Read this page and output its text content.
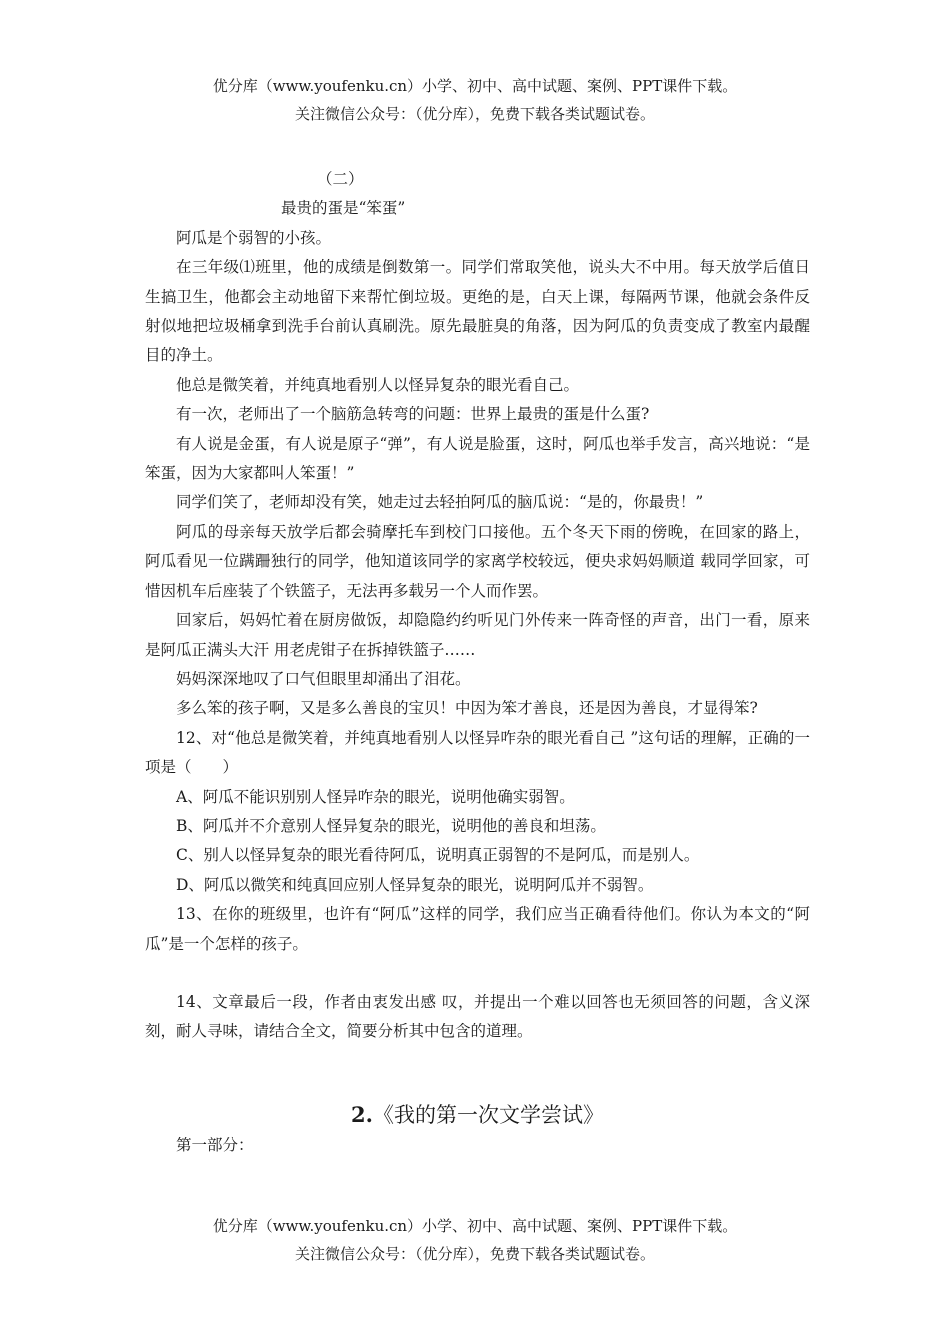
优分库（www.youfenku.cn）小学、初中、高中试题、案例、PPT课件下载。
关注微信公众号：（优分库），免费下载各类试题试卷。

（二）

最贵的蛋是“笨蛋”

阿瓜是个弱智的小孩。

在三年级⑴班里，他的成绩是倒数第一。同学们常取笑他，说头大不中用。每天放学后值日生搞卫生，他都会主动地留下来帮忙倒垃圾。更绝的是，白天上课，每隔两节课，他就会条件反射似地把垃圾桶拿到洗手台前认真刷洗。原先最脏臭的角落，因为阿瓜的负责变成了教室内最醒目的净土。

他总是微笑着，并纯真地看别人以怪异复杂的眼光看自己。

有一次，老师出了一个脑筋急转弯的问题：世界上最贵的蛋是什么蛋?

有人说是金蛋，有人说是原子“弹”，有人说是脸蛋，这时，阿瓜也举手发言，高兴地说：“是笨蛋，因为大家都叫人笨蛋！”

同学们笑了，老师却没有笑，她走过去轻拍阿瓜的脑瓜说：“是的，你最贵！”

阿瓜的母亲每天放学后都会骑摩托车到校门口接他。五个冬天下雨的傍晚，在回家的路上，阿瓜看见一位蹒跚独行的同学，他知道该同学的家离学校较远，便央求妈妈顺道 载同学回家，可惜因机车后座装了个铁篮子，无法再多载另一个人而作罢。

回家后，妈妈忙着在厨房做饭，却隐隐约约听见门外传来一阵奇怪的声音，出门一看，原来是阿瓜正满头大汗 用老虎钳子在拆掉铁篮子……

妈妈深深地叹了口气但眼里却涌出了泪花。

多么笨的孩子啊，又是多么善良的宝贝！中因为笨才善良，还是因为善良，才显得笨?

12、对“他总是微笑着，并纯真地看别人以怪异咋杂的眼光看自己 ”这句话的理解，正确的一项是（　　）

A、阿瓜不能识别别人怪异咋杂的眼光，说明他确实弱智。

B、阿瓜并不介意别人怪异复杂的眼光，说明他的善良和坦荡。

C、别人以怪异复杂的眼光看待阿瓜，说明真正弱智的不是阿瓜，而是别人。

D、阿瓜以微笑和纯真回应别人怪异复杂的眼光，说明阿瓜并不弱智。

13、在你的班级里，也许有“阿瓜”这样的同学，我们应当正确看待他们。你认为本文的“阿瓜”是一个怎样的孩子。

14、文章最后一段，作者由衷发出感 叹，并提出一个难以回答也无须回答的问题，含义深刻，耐人寻味，请结合全文，简要分析其中包含的道理。

2.《我的第一次文学尝试》

第一部分：

优分库（www.youfenku.cn）小学、初中、高中试题、案例、PPT课件下载。
关注微信公众号：（优分库），免费下载各类试题试卷。
